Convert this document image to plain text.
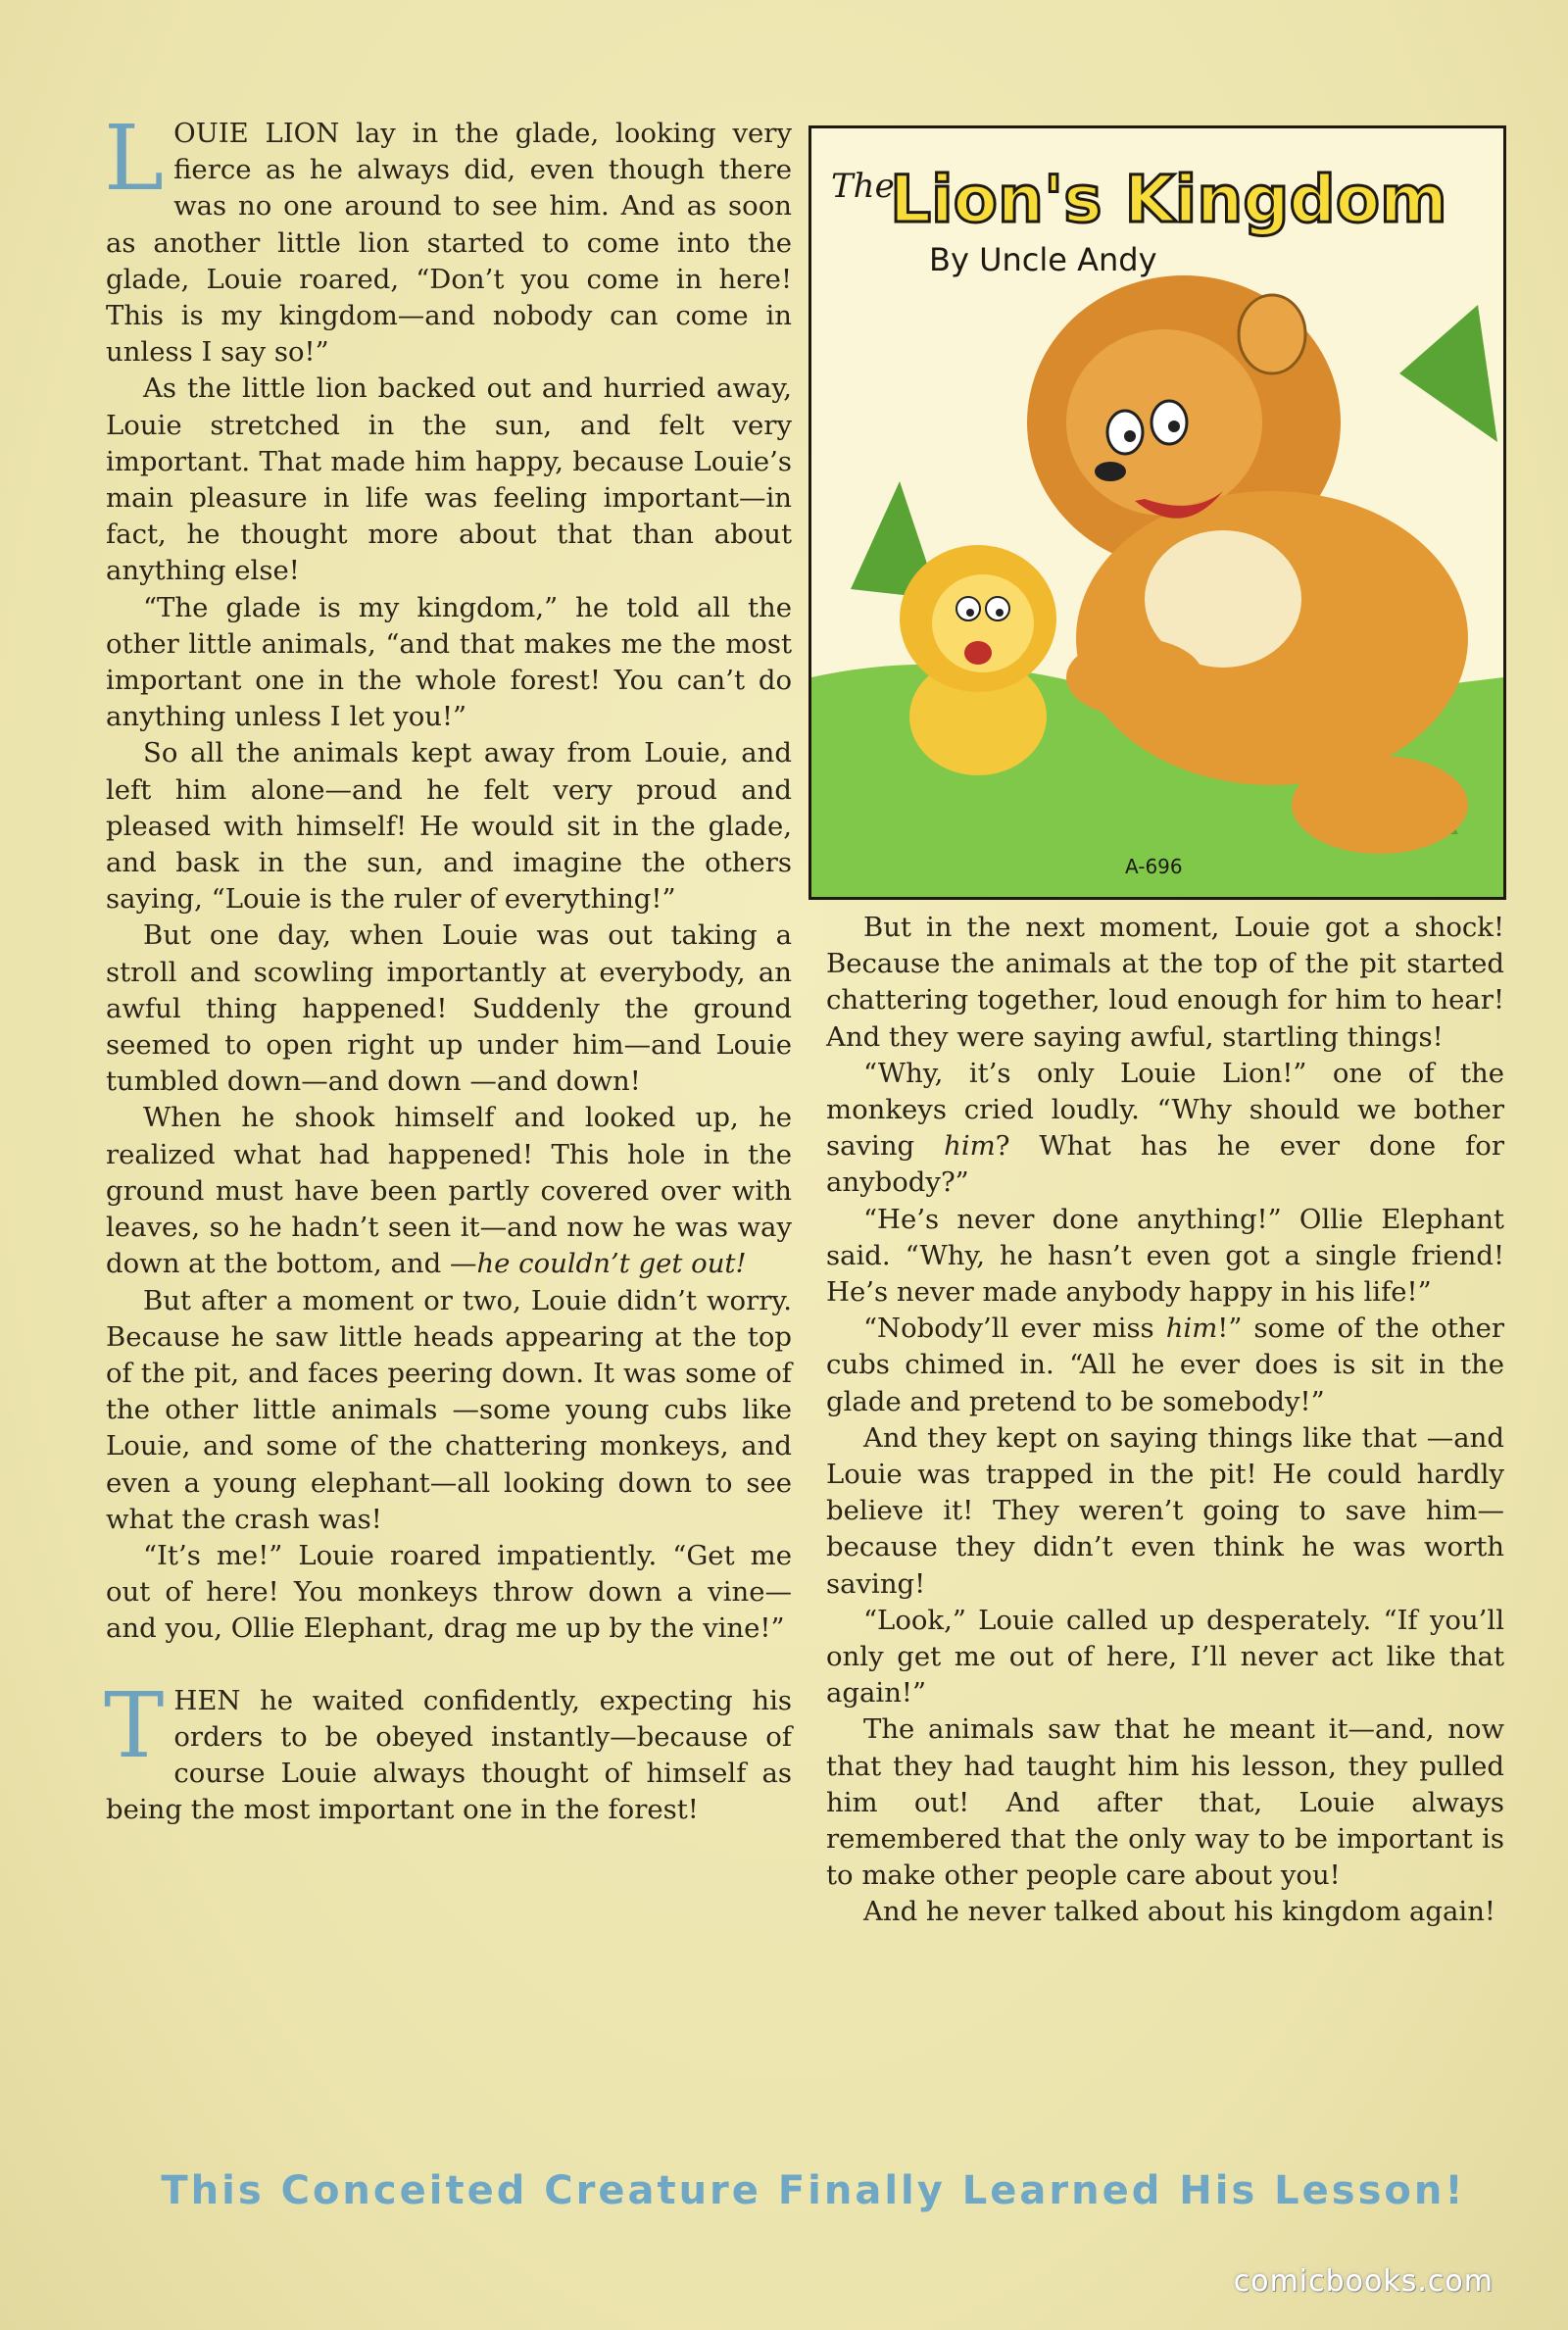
LOUIE LION lay in the glade, looking very fierce as he always did, even though there was no one around to see him. And as soon as another little lion started to come into the glade, Louie roared, “Don’t you come in here! This is my kingdom—and nobody can come in unless I say so!”

As the little lion backed out and hurried away, Louie stretched in the sun, and felt very important. That made him happy, because Louie’s main pleasure in life was feeling important—in fact, he thought more about that than about anything else!

“The glade is my kingdom,” he told all the other little animals, “and that makes me the most important one in the whole forest! You can’t do anything unless I let you!”

So all the animals kept away from Louie, and left him alone—and he felt very proud and pleased with himself! He would sit in the glade, and bask in the sun, and imagine the others saying, “Louie is the ruler of everything!”

But one day, when Louie was out taking a stroll and scowling importantly at everybody, an awful thing happened! Suddenly the ground seemed to open right up under him—and Louie tumbled down—and down —and down!

When he shook himself and looked up, he realized what had happened! This hole in the ground must have been partly covered over with leaves, so he hadn’t seen it—and now he was way down at the bottom, and —he couldn’t get out!

But after a moment or two, Louie didn’t worry. Because he saw little heads appearing at the top of the pit, and faces peering down. It was some of the other little animals —some young cubs like Louie, and some of the chattering monkeys, and even a young elephant—all looking down to see what the crash was!

“It’s me!” Louie roared impatiently. “Get me out of here! You monkeys throw down a vine—and you, Ollie Elephant, drag me up by the vine!”

THEN he waited confidently, expecting his orders to be obeyed instantly—because of course Louie always thought of himself as being the most important one in the forest!

The
Lion's Kingdom
By Uncle Andy
A-696

But in the next moment, Louie got a shock! Because the animals at the top of the pit started chattering together, loud enough for him to hear! And they were saying awful, startling things!

“Why, it’s only Louie Lion!” one of the monkeys cried loudly. “Why should we bother saving him? What has he ever done for anybody?”

“He’s never done anything!” Ollie Elephant said. “Why, he hasn’t even got a single friend! He’s never made anybody happy in his life!”

“Nobody’ll ever miss him!” some of the other cubs chimed in. “All he ever does is sit in the glade and pretend to be somebody!”

And they kept on saying things like that —and Louie was trapped in the pit! He could hardly believe it! They weren’t going to save him—because they didn’t even think he was worth saving!

“Look,” Louie called up desperately. “If you’ll only get me out of here, I’ll never act like that again!”

The animals saw that he meant it—and, now that they had taught him his lesson, they pulled him out! And after that, Louie always remembered that the only way to be important is to make other people care about you!

And he never talked about his kingdom again!

This Conceited Creature Finally Learned His Lesson!
comicbooks.com
